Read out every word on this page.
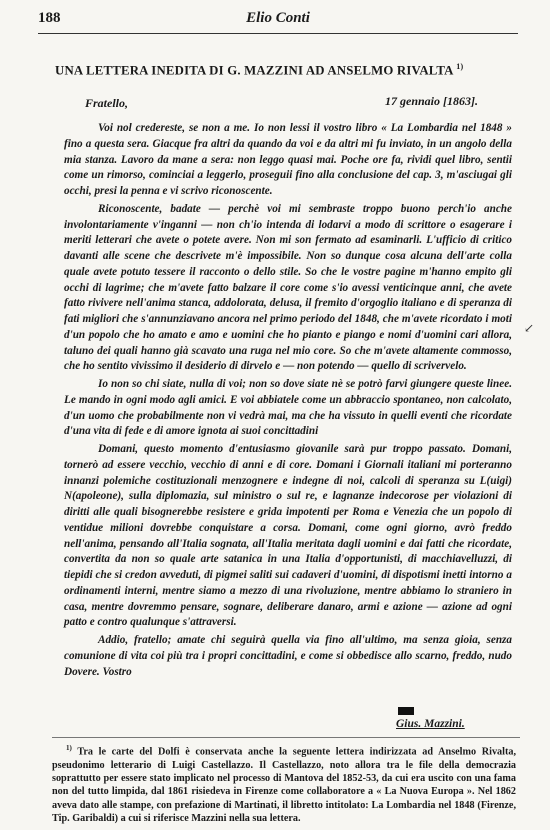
188	Elio Conti
UNA LETTERA INEDITA DI G. MAZZINI AD ANSELMO RIVALTA $^{1)}$
Fratello,	17 gennaio [1863].

Voi nol credereste, se non a me. Io non lessi il vostro libro « La Lombardia nel 1848 » fino a questa sera. Giacque fra altri da quando da voi e da altri mi fu inviato, in un angolo della mia stanza. Lavoro da mane a sera: non leggo quasi mai. Poche ore fa, rividi quel libro, sentii come un rimorso, cominciai a leggerlo, proseguii fino alla conclusione del cap. 3, m'asciugai gli occhi, presi la penna e vi scrivo riconoscente.

Riconoscente, badate — perchè voi mi sembraste troppo buono perch'io anche involontariamente v'inganni — non ch'io intenda di lodarvi a modo di scrittore o esagerare i meriti letterari che avete o potete avere. Non mi son fermato ad esaminarli. L'ufficio di critico davanti alle scene che descrivete m'è impossibile. Non so dunque cosa alcuna dell'arte colla quale avete potuto tessere il racconto o dello stile. So che le vostre pagine m'hanno empito gli occhi di lagrime; che m'avete fatto balzare il core come s'io avessi venticinque anni, che avete fatto rivivere nell'anima stanca, addolorata, delusa, il fremito d'orgoglio italiano e di speranza di fati migliori che s'annunziavano ancora nel primo periodo del 1848, che m'avete ricordato i moti d'un popolo che ho amato e amo e uomini che ho pianto e piango e nomi d'uomini cari allora, taluno dei quali hanno già scavato una ruga nel mio core. So che m'avete altamente commosso, che ho sentito vivissimo il desiderio di dirvelo e — non potendo — quello di scrivervelo.

Io non so chi siate, nulla di voi; non so dove siate nè se potrò farvi giungere queste linee. Le mando in ogni modo agli amici. E voi abbiatele come un abbraccio spontaneo, non calcolato, d'un uomo che probabilmente non vi vedrà mai, ma che ha vissuto in quelli eventi che ricordate d'una vita di fede e di amore ignota ai suoi concittadini

Domani, questo momento d'entusiasmo giovanile sarà pur troppo passato. Domani, tornerò ad essere vecchio, vecchio di anni e di core. Domani i Giornali italiani mi porteranno innanzi polemiche costituzionali menzognere e indegne di noi, calcoli di speranza su L(uigi) N(apoleone), sulla diplomazia, sul ministro o sul re, e lagnanze indecorose per violazioni di diritti alle quali bisognerebbe resistere e grida impotenti per Roma e Venezia che un popolo di ventidue milioni dovrebbe conquistare a corsa. Domani, come ogni giorno, avrò freddo nell'anima, pensando all'Italia sognata, all'Italia meritata dagli uomini e dai fatti che ricordate, convertita da non so quale arte satanica in una Italia d'opportunisti, di macchiavelluzzi, di tiepidi che si credon avveduti, di pigmei saliti sui cadaveri d'uomini, di dispotismi inetti intorno a ordinamenti interni, mentre siamo a mezzo di una rivoluzione, mentre abbiamo lo straniero in casa, mentre dovremmo pensare, sognare, deliberare danaro, armi e azione — azione ad ogni patto e contro qualunque s'attraversi.

Addio, fratello; amate chi seguirà quella via fino all'ultimo, ma senza gioia, senza comunione di vita coi più tra i propri concittadini, e come si obbedisce allo scarno, freddo, nudo Dovere. Vostro

Gius. Mazzini.
↙
$^{1)}$ Tra le carte del Dolfi è conservata anche la seguente lettera indirizzata ad Anselmo Rivalta, pseudonimo letterario di Luigi Castellazzo. Il Castellazzo, noto allora tra le file della democrazia soprattutto per essere stato implicato nel processo di Mantova del 1852-53, da cui era uscito con una fama non del tutto limpida, dal 1861 risiedeva in Firenze come collaboratore a « La Nuova Europa ». Nel 1862 aveva dato alle stampe, con prefazione di Martinati, il libretto intitolato: La Lombardia nel 1848 (Firenze, Tip. Garibaldi) a cui si riferisce Mazzini nella sua lettera.
